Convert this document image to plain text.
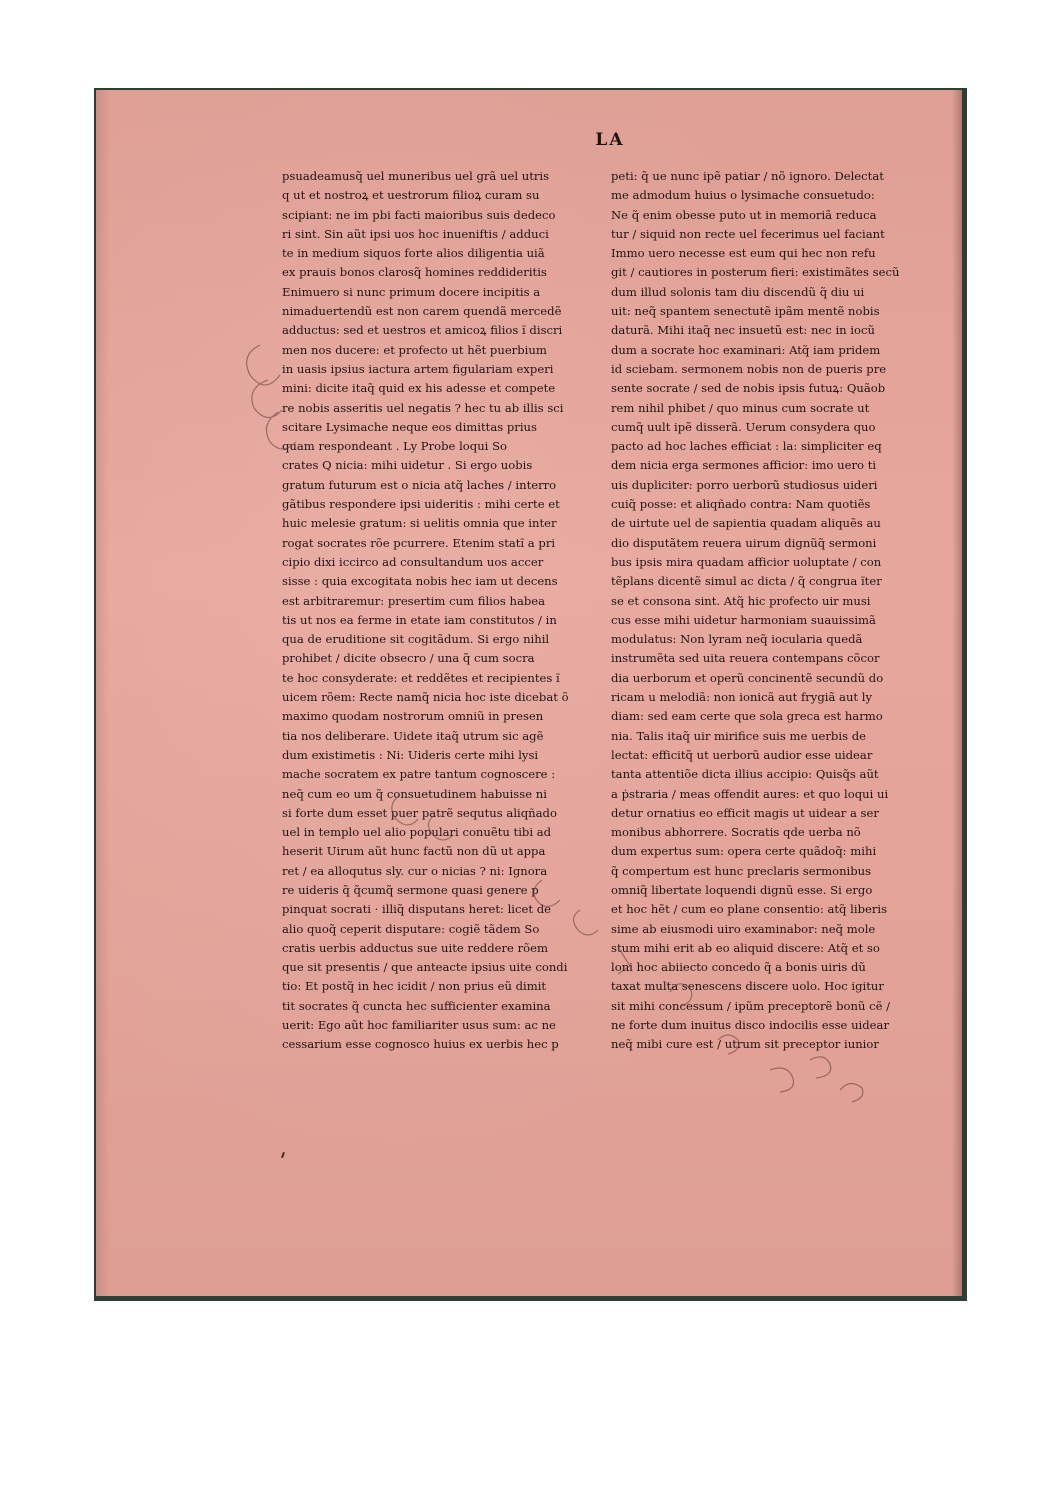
LA
psuadeamusq̃ uel muneribus uel grã uel utris
q ut et nostroꝝ et uestrorum filioꝝ curam su
scipiant: ne im pbi facti maioribus suis dedeco
ri sint. Sin aũt ipsi uos hoc inueniftis / adduci
te in medium siquos forte alios diligentia uiã
ex prauis bonos clarosq̃ homines reddideritis
Enimuero si nunc primum docere incipitis a
nimaduertendũ est non carem quendã mercedẽ
adductus: sed et uestros et amicoꝝ filios ĩ discri
men nos ducere: et profecto ut hẽt puerbium
in uasis ipsius iactura artem figulariam experi
mini: dicite itaq̃ quid ex his adesse et compete
re nobis asseritis uel negatis ? hec tu ab illis sci
scitare Lysimache neque eos dimittas prius
quam respondeant . Ly Probe loqui So
crates Q nicia: mihi uidetur . Si ergo uobis
gratum futurum est o nicia atq̃ laches / interro
gãtibus respondere ipsi uideritis : mihi certe et
huic melesie gratum: si uelitis omnia que inter
rogat socrates rõe pcurrere. Etenim statĩ a pri
cipio dixi iccirco ad consultandum uos accer
sisse : quia excogitata nobis hec iam ut decens
est arbitraremur: presertim cum filios habea
tis ut nos ea ferme in etate iam constitutos / in
qua de eruditione sit cogitãdum. Si ergo nihil
prohibet / dicite obsecro / una q̃ cum socra
te hoc consyderate: et reddẽtes et recipientes ĩ
uicem rõem: Recte namq̃ nicia hoc iste dicebat õ
maximo quodam nostrorum omniũ in presen
tia nos deliberare. Uidete itaq̃ utrum sic agẽ
dum existimetis : Ni: Uideris certe mihi lysi
mache socratem ex patre tantum cognoscere :
neq̃ cum eo um q̃ consuetudinem habuisse ni
si forte dum esset puer patrẽ sequtus aliqñado
uel in templo uel alio populari conuẽtu tibi ad
heserit Uirum aũt hunc factũ non dũ ut appa
ret / ea alloqutus sly. cur o nicias ? ni: Ignora
re uideris q̃ q̃cumq̃ sermone quasi genere p
pinquat socrati · illiq̃ disputans heret: licet de
alio quoq̃ ceperit disputare: cogiẽ tãdem So
cratis uerbis adductus sue uite reddere rõem
que sit presentis / que anteacte ipsius uite condi
tio: Et postq̃ in hec icidit / non prius eũ dimit
tit socrates q̃ cuncta hec sufficienter examina
uerit: Ego aũt hoc familiariter usus sum: ac ne
cessarium esse cognosco huius ex uerbis hec p
peti: q̃ ue nunc ipẽ patiar / nõ ignoro. Delectat
me admodum huius o lysimache consuetudo:
Ne q̃ enim obesse puto ut in memoriã reduca
tur / siquid non recte uel fecerimus uel faciant
Immo uero necesse est eum qui hec non refu
git / cautiores in posterum fieri: existimãtes secũ
dum illud solonis tam diu discendũ q̃ diu ui
uit: neq̃ spantem senectutẽ ipãm mentẽ nobis
daturã. Mihi itaq̃ nec insuetũ est: nec in iocũ
dum a socrate hoc examinari: Atq̃ iam pridem
id sciebam. sermonem nobis non de pueris pre
sente socrate / sed de nobis ipsis futuꝝ: Quãob
rem nihil phibet / quo minus cum socrate ut
cumq̃ uult ipẽ disserã. Uerum consydera quo
pacto ad hoc laches efficiat : la: simpliciter eq
dem nicia erga sermones afficior: imo uero ti
uis dupliciter: porro uerborũ studiosus uideri
cuiq̃ posse: et aliqñado contra: Nam quotiẽs
de uirtute uel de sapientia quadam aliquẽs au
dio disputãtem reuera uirum dignũq̃ sermoni
bus ipsis mira quadam afficior uoluptate / con
tẽplans dicentẽ simul ac dicta / q̃ congrua ĩter
se et consona sint. Atq̃ hic profecto uir musi
cus esse mihi uidetur harmoniam suauissimã
modulatus: Non lyram neq̃ iocularia quedã
instrumẽta sed uita reuera contempans cõcor
dia uerborum et operũ concinentẽ secundũ do
ricam u melodiã: non ionicã aut frygiã aut ly
diam: sed eam certe que sola greca est harmo
nia. Talis itaq̃ uir mirifice suis me uerbis de
lectat: efficitq̃ ut uerborũ audior esse uidear
tanta attentiõe dicta illius accipio: Quisq̃s aũt
a ṗstraria / meas offendit aures: et quo loqui ui
detur ornatius eo efficit magis ut uidear a ser
monibus abhorrere. Socratis qde uerba nõ
dum expertus sum: opera certe quãdoq̃: mihi
q̃ compertum est hunc preclaris sermonibus
omniq̃ libertate loquendi dignũ esse. Si ergo
et hoc hẽt / cum eo plane consentio: atq̃ liberis
sime ab eiusmodi uiro examinabor: neq̃ mole
stum mihi erit ab eo aliquid discere: Atq̃ et so
loni hoc abiiecto concedo q̃ a bonis uiris dũ
taxat multa senescens discere uolo. Hoc igitur
sit mihi concessum / ipũm preceptorẽ bonũ cẽ /
ne forte dum inuitus disco indocilis esse uidear
neq̃ mibi cure est / utrum sit preceptor iunior
